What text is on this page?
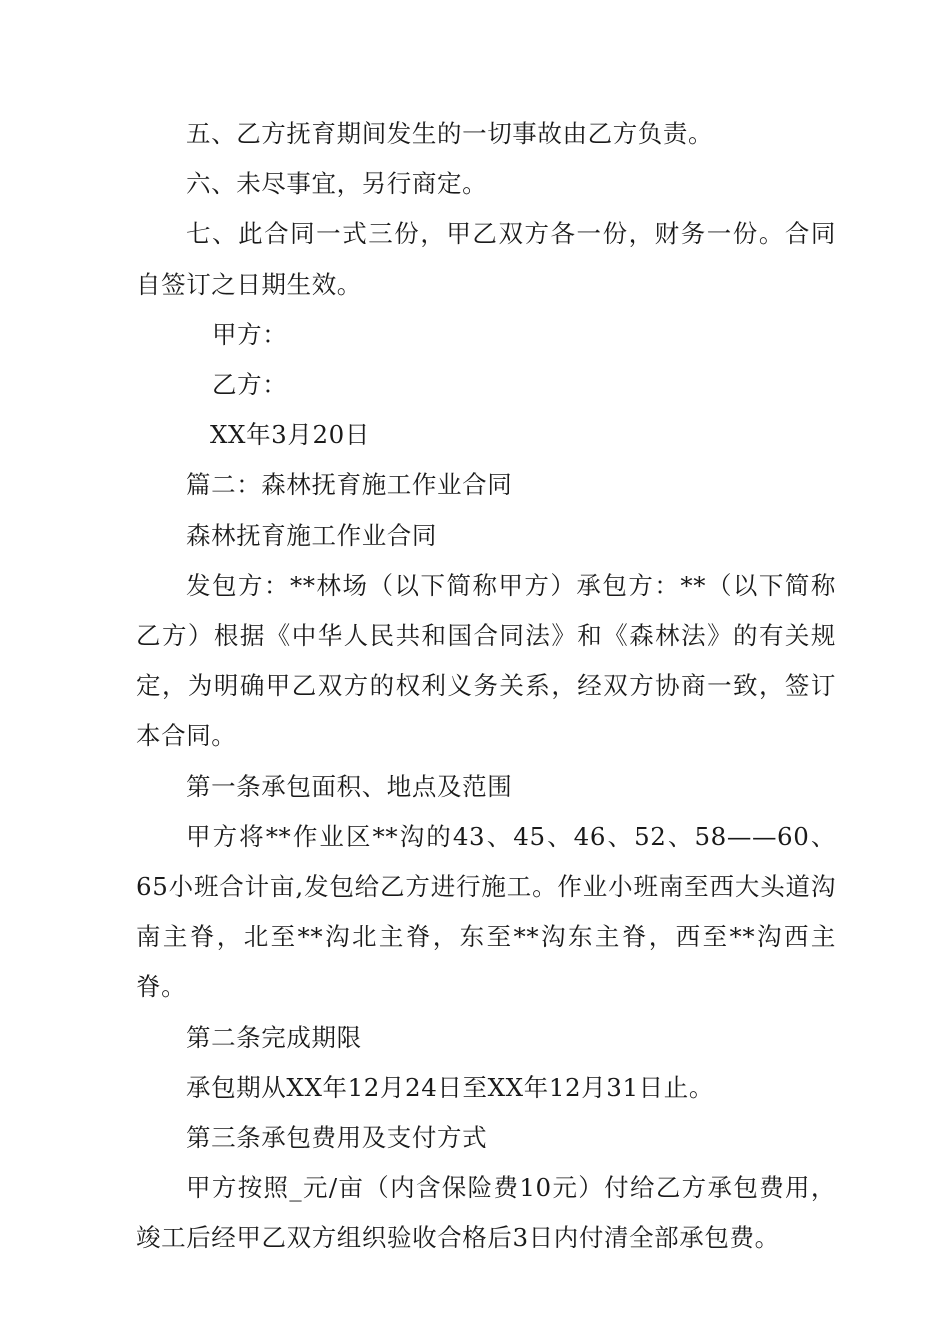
五、乙方抚育期间发生的一切事故由乙方负责。

六、未尽事宜，另行商定。

七、此合同一式三份，甲乙双方各一份，财务一份。合同自签订之日期生效。

甲方：

乙方：

XX年3月20日

篇二：森林抚育施工作业合同

森林抚育施工作业合同

发包方：**林场（以下简称甲方）承包方：**（以下简称乙方）根据《中华人民共和国合同法》和《森林法》的有关规定，为明确甲乙双方的权利义务关系，经双方协商一致，签订本合同。

第一条承包面积、地点及范围

甲方将**作业区**沟的43、45、46、52、58——60、65小班合计亩,发包给乙方进行施工。作业小班南至西大头道沟南主脊，北至**沟北主脊，东至**沟东主脊，西至**沟西主脊。

第二条完成期限

承包期从XX年12月24日至XX年12月31日止。

第三条承包费用及支付方式

甲方按照_元/亩（内含保险费10元）付给乙方承包费用，竣工后经甲乙双方组织验收合格后3日内付清全部承包费。
